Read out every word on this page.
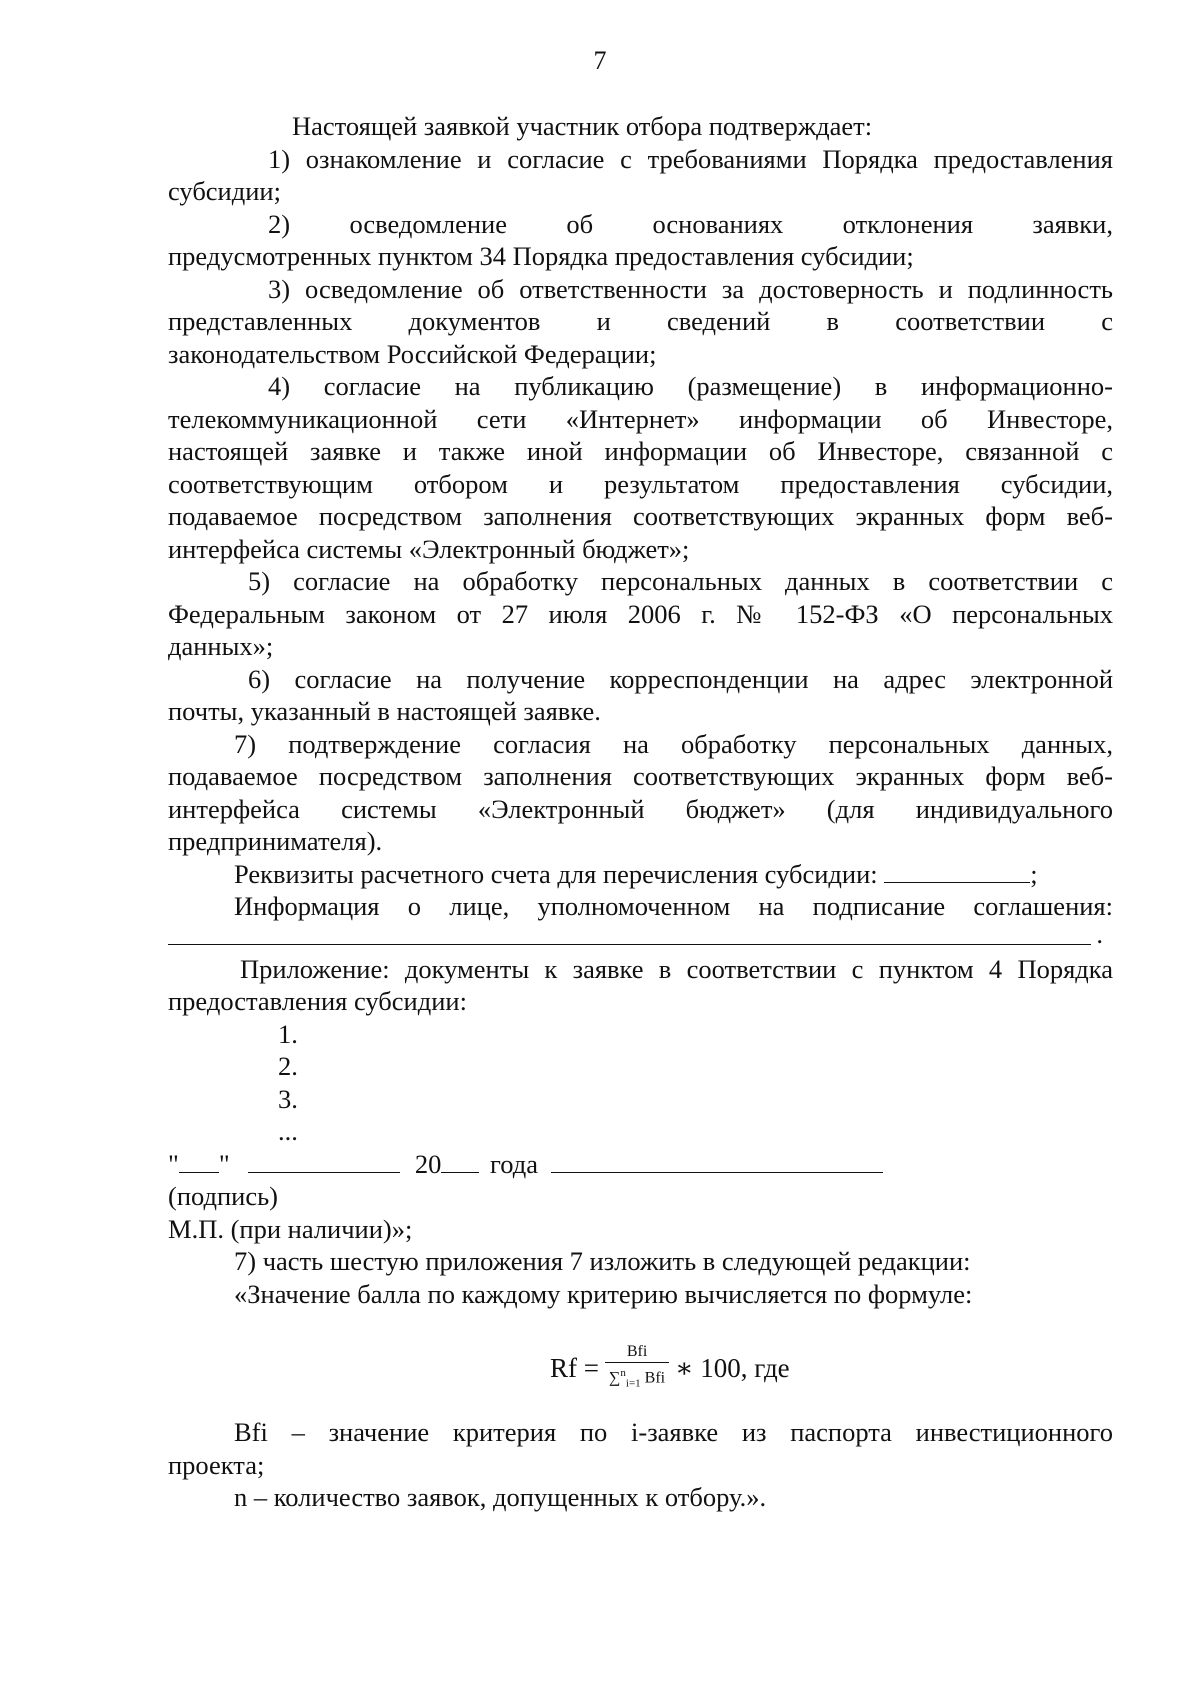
7

Настоящей заявкой участник отбора подтверждает:

1) ознакомление и согласие с требованиями Порядка предоставления

субсидии;

2) осведомление об основаниях отклонения заявки,

предусмотренных пунктом 34 Порядка предоставления субсидии;

3) осведомление об ответственности за достоверность и подлинность

представленных документов и сведений в соответствии с

законодательством Российской Федерации;

4) согласие на публикацию (размещение) в информационно-

телекоммуникационной сети «Интернет» информации об Инвесторе,

настоящей заявке и также иной информации об Инвесторе, связанной с

соответствующим отбором и результатом предоставления субсидии,

подаваемое посредством заполнения соответствующих экранных форм веб-

интерфейса системы «Электронный бюджет»;

5) согласие на обработку персональных данных в соответствии с

Федеральным законом от 27 июля 2006 г. № 152-ФЗ «О персональных

данных»;

6) согласие на получение корреспонденции на адрес электронной

почты, указанный в настоящей заявке.

7) подтверждение согласия на обработку персональных данных,

подаваемое посредством заполнения соответствующих экранных форм веб-

интерфейса системы «Электронный бюджет» (для индивидуального

предпринимателя).

Реквизиты расчетного счета для перечисления субсидии:	;

Информация о лице, уполномоченном на подписание соглашения:

.

Приложение: документы к заявке в соответствии с пунктом 4 Порядка

предоставления субсидии:

1.

2.

3.

...

" "	20 года

(подпись)

М.П. (при наличии)»;

7) часть шестую приложения 7 изложить в следующей редакции:

«Значение балла по каждому критерию вычисляется по формуле:

$Rf = \frac{\text{Bfi}}{\sum^n_{i=1} Bfi}$ ∗ 100, где

Bfi – значение критерия по i-заявке из паспорта инвестиционного

проекта;

n – количество заявок, допущенных к отбору.».
